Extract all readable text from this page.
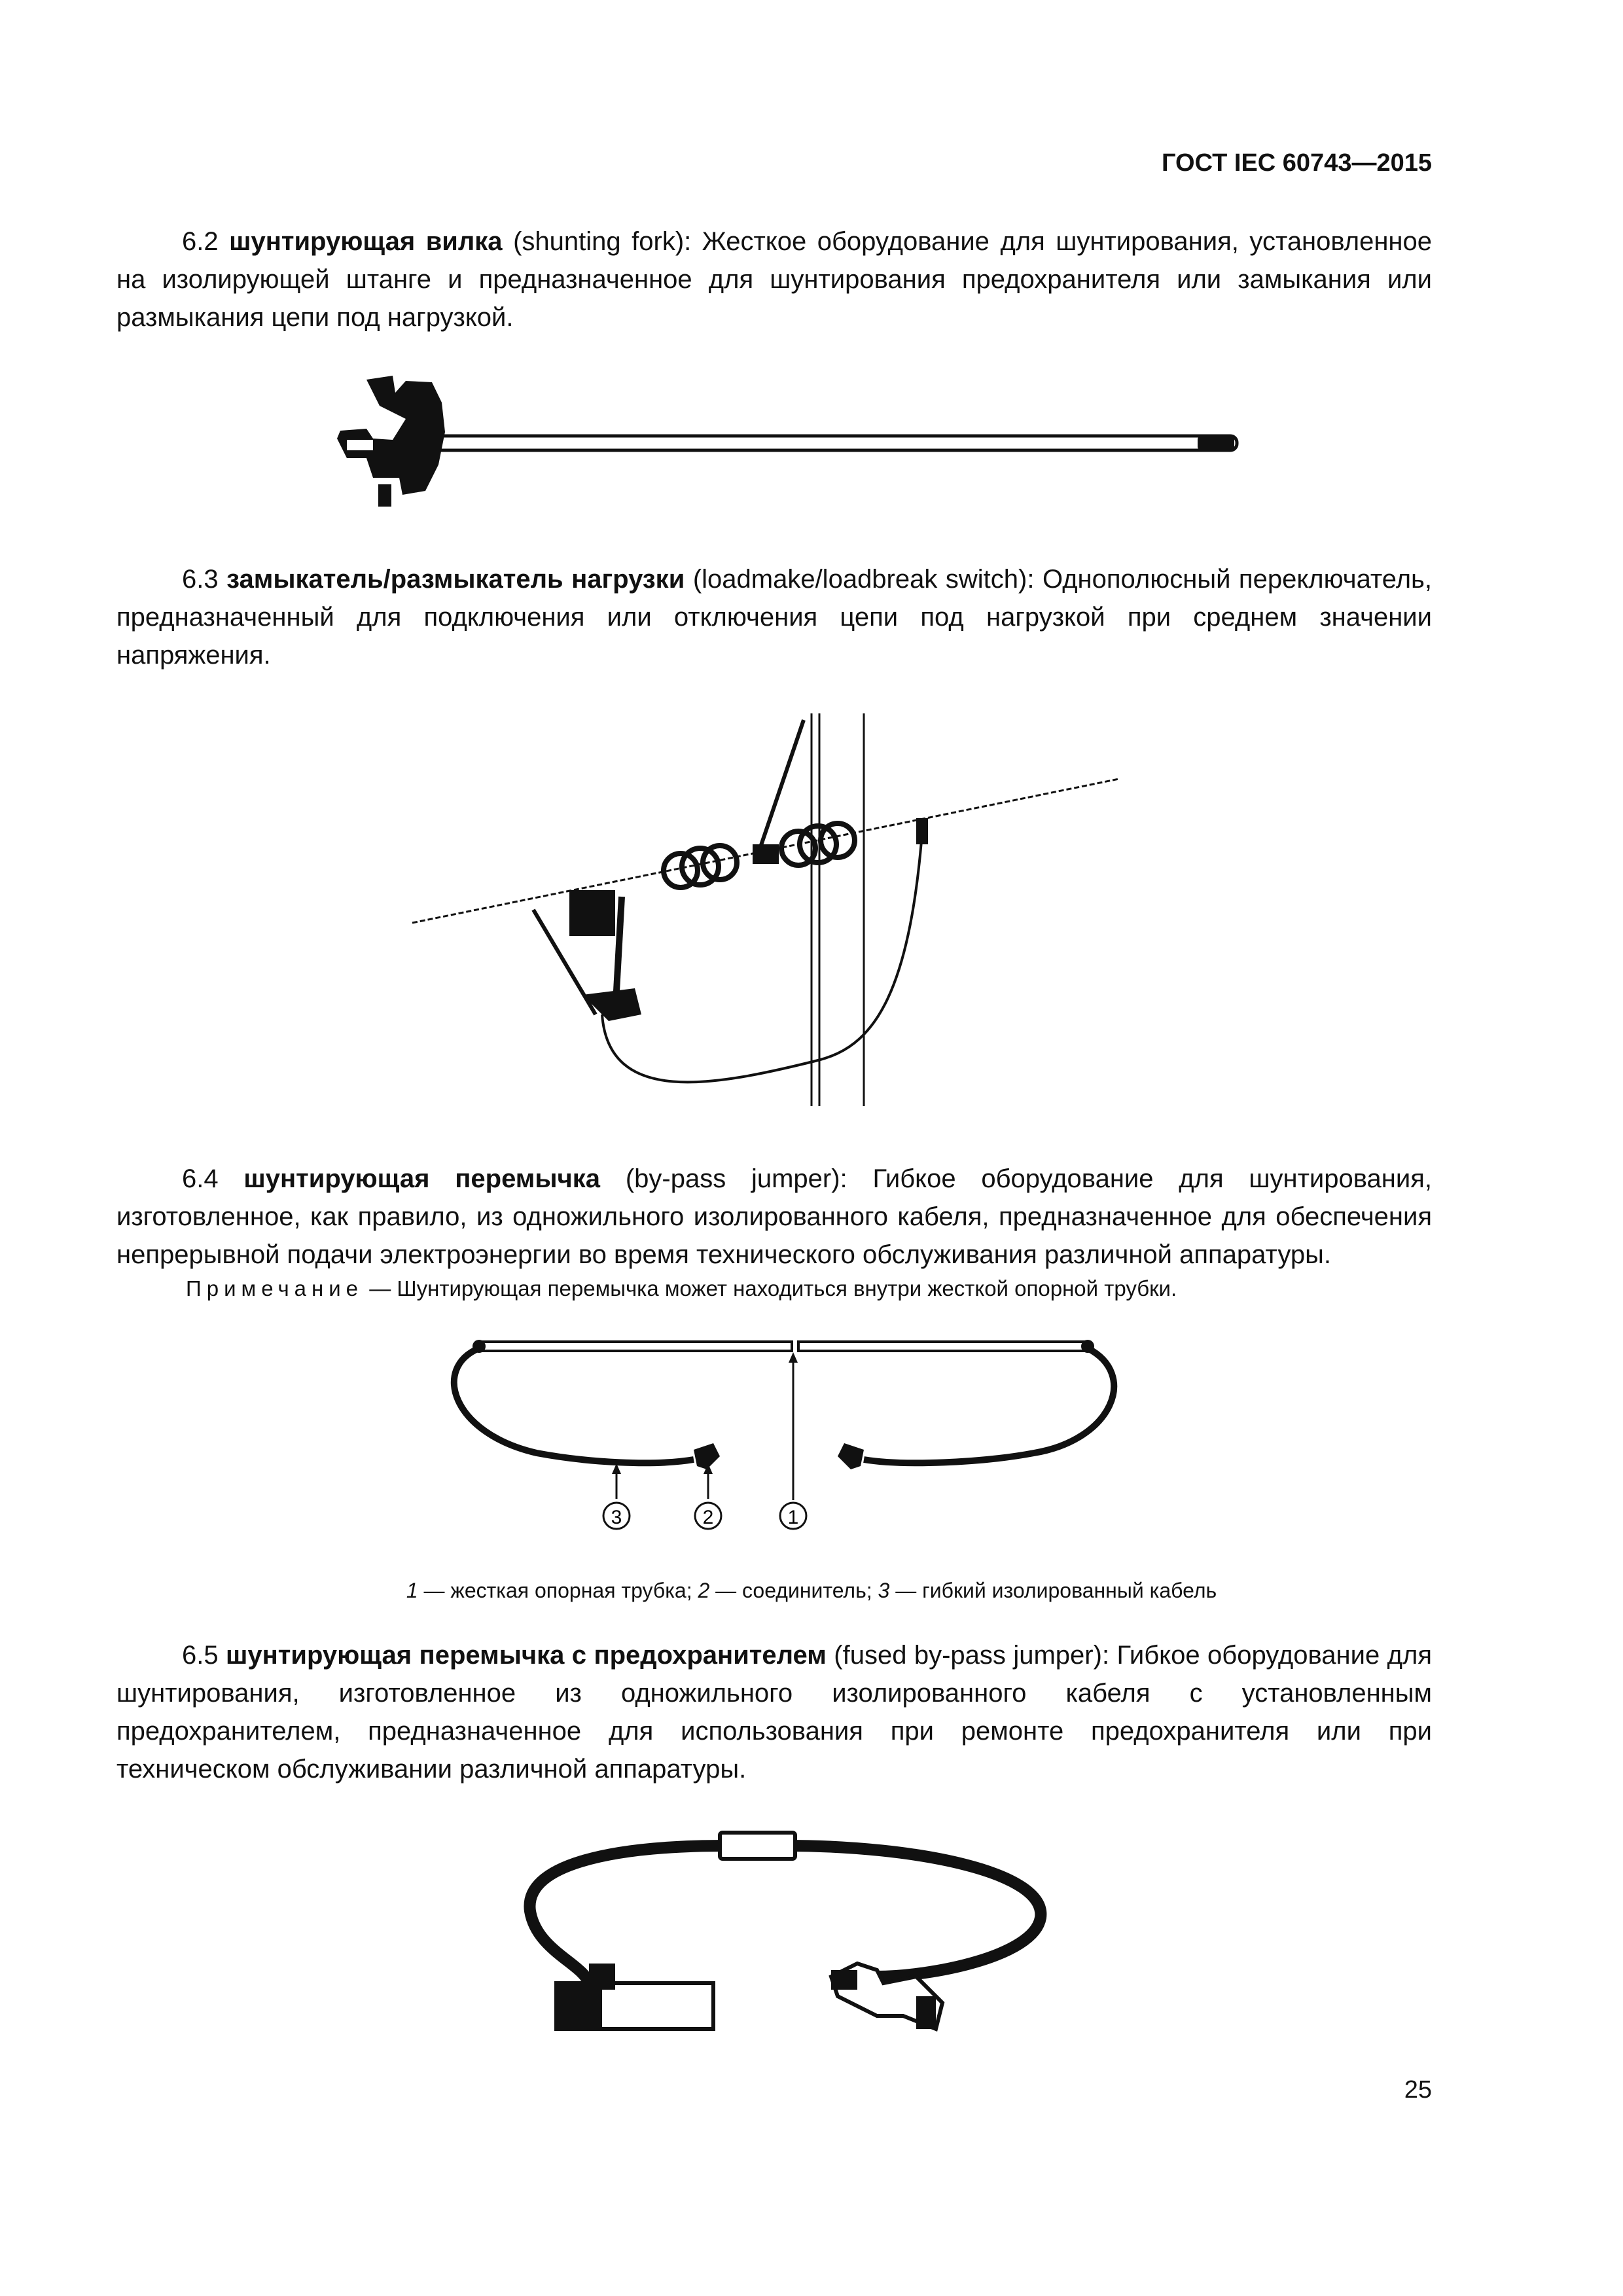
ГОСТ IEC 60743—2015
6.2 шунтирующая вилка (shunting fork): Жесткое оборудование для шунтирования, установленное на изолирующей штанге и предназначенное для шунтирования предохранителя или замыкания или размыкания цепи под нагрузкой.
6.3 замыкатель/размыкатель нагрузки (loadmake/loadbreak switch): Однополюсный переключатель, предназначенный для подключения или отключения цепи под нагрузкой при среднем значении напряжения.
6.4 шунтирующая перемычка (by-pass jumper): Гибкое оборудование для шунтирования, изготовленное, как правило, из одножильного изолированного кабеля, предназначенное для обеспечения непрерывной подачи электроэнергии во время технического обслуживания различной аппаратуры.
Примечание — Шунтирующая перемычка может находиться внутри жесткой опорной трубки.
3	2	1
1 — жесткая опорная трубка; 2 — соединитель; 3 — гибкий изолированный кабель
6.5 шунтирующая перемычка с предохранителем (fused by-pass jumper): Гибкое оборудование для шунтирования, изготовленное из одножильного изолированного кабеля с установленным предохранителем, предназначенное для использования при ремонте предохранителя или при техническом обслуживании различной аппаратуры.
25
